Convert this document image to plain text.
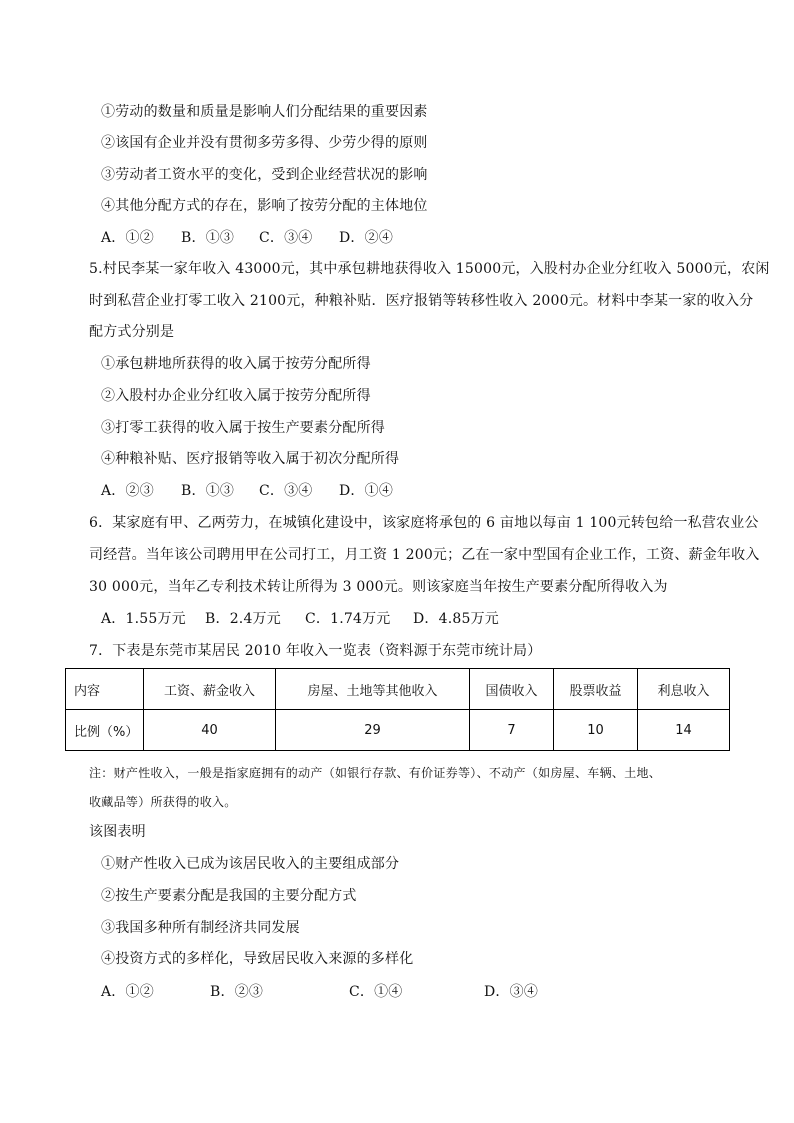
①劳动的数量和质量是影响人们分配结果的重要因素
②该国有企业并没有贯彻多劳多得、少劳少得的原则
③劳动者工资水平的变化，受到企业经营状况的影响
④其他分配方式的存在，影响了按劳分配的主体地位
A．①② B．①③ C．③④ D．②④
5.村民李某一家年收入 43000元，其中承包耕地获得收入 15000元，入股村办企业分红收入 5000元，农闲
时到私营企业打零工收入 2100元，种粮补贴．医疗报销等转移性收入 2000元。材料中李某一家的收入分
配方式分别是
①承包耕地所获得的收入属于按劳分配所得
②入股村办企业分红收入属于按劳分配所得
③打零工获得的收入属于按生产要素分配所得
④种粮补贴、医疗报销等收入属于初次分配所得
A．②③ B．①③ C．③④ D．①④
6．某家庭有甲、乙两劳力，在城镇化建设中，该家庭将承包的 6 亩地以每亩 1 100元转包给一私营农业公
司经营。当年该公司聘用甲在公司打工，月工资 1 200元；乙在一家中型国有企业工作，工资、薪金年收入
30 000元，当年乙专利技术转让所得为 3 000元。则该家庭当年按生产要素分配所得收入为
A．1.55万元 B．2.4万元 C．1.74万元 D．4.85万元
7．下表是东莞市某居民 2010 年收入一览表（资料源于东莞市统计局）
内容	工资、薪金收入	房屋、土地等其他收入	国债收入	股票收益	利息收入
比例（%）	40	29	7	10	14
注：财产性收入，一般是指家庭拥有的动产（如银行存款、有价证券等）、不动产（如房屋、车辆、土地、
收藏品等）所获得的收入。
该图表明
①财产性收入已成为该居民收入的主要组成部分
②按生产要素分配是我国的主要分配方式
③我国多种所有制经济共同发展
④投资方式的多样化，导致居民收入来源的多样化
A．①②	B．②③	C．①④	D．③④
